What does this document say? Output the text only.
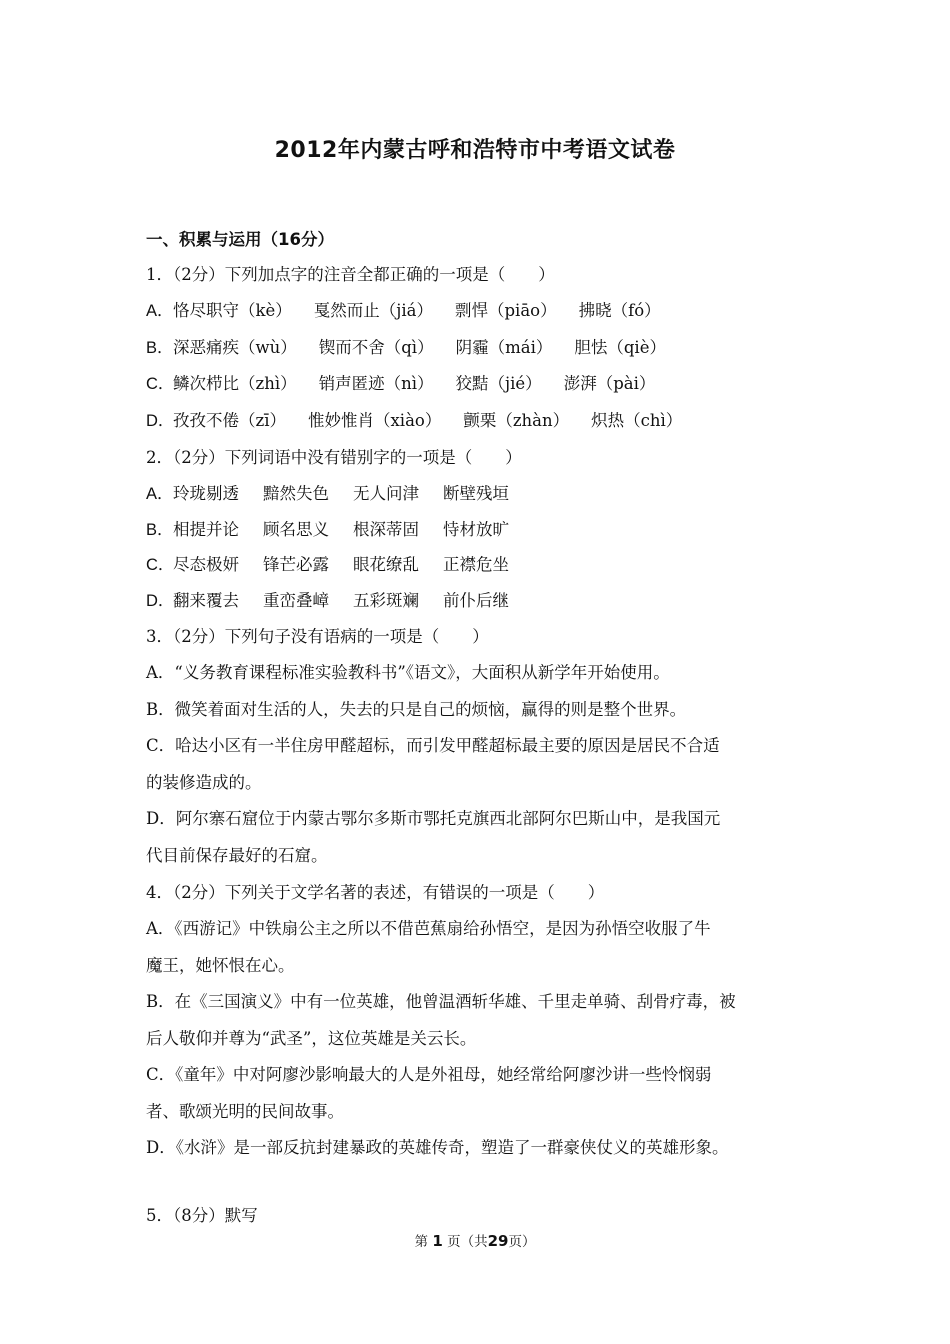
2012年内蒙古呼和浩特市中考语文试卷
一、积累与运用（16分）
1．（2分）下列加点字的注音全都正确的一项是（　　）
A．恪尽职守（kè） 戛然而止（jiá） 剽悍（piāo） 拂晓（fó）
B．深恶痛疾（wù） 锲而不舍（qì） 阴霾（mái） 胆怯（qiè）
C．鳞次栉比（zhì） 销声匿迹（nì） 狡黠（jié） 澎湃（pài）
D．孜孜不倦（zī） 惟妙惟肖（xiào） 颤栗（zhàn） 炽热（chì）
2．（2分）下列词语中没有错别字的一项是（　　）
A．玲珑剔透 黯然失色 无人问津 断壁残垣
B．相提并论 顾名思义 根深蒂固 恃材放旷
C．尽态极妍 锋芒必露 眼花缭乱 正襟危坐
D．翻来覆去 重峦叠嶂 五彩斑斓 前仆后继
3．（2分）下列句子没有语病的一项是（　　）
A．“义务教育课程标准实验教科书”《语文》，大面积从新学年开始使用。
B．微笑着面对生活的人，失去的只是自己的烦恼，赢得的则是整个世界。
C．哈达小区有一半住房甲醛超标，而引发甲醛超标最主要的原因是居民不合适
的装修造成的。
D．阿尔寨石窟位于内蒙古鄂尔多斯市鄂托克旗西北部阿尔巴斯山中，是我国元
代目前保存最好的石窟。
4．（2分）下列关于文学名著的表述，有错误的一项是（　　）
A．《西游记》中铁扇公主之所以不借芭蕉扇给孙悟空，是因为孙悟空收服了牛
魔王，她怀恨在心。
B．在《三国演义》中有一位英雄，他曾温酒斩华雄、千里走单骑、刮骨疗毒，被
后人敬仰并尊为“武圣”，这位英雄是关云长。
C．《童年》中对阿廖沙影响最大的人是外祖母，她经常给阿廖沙讲一些怜悯弱
者、歌颂光明的民间故事。
D．《水浒》是一部反抗封建暴政的英雄传奇，塑造了一群豪侠仗义的英雄形象。
5．（8分）默写
第 1 页（共29页）
